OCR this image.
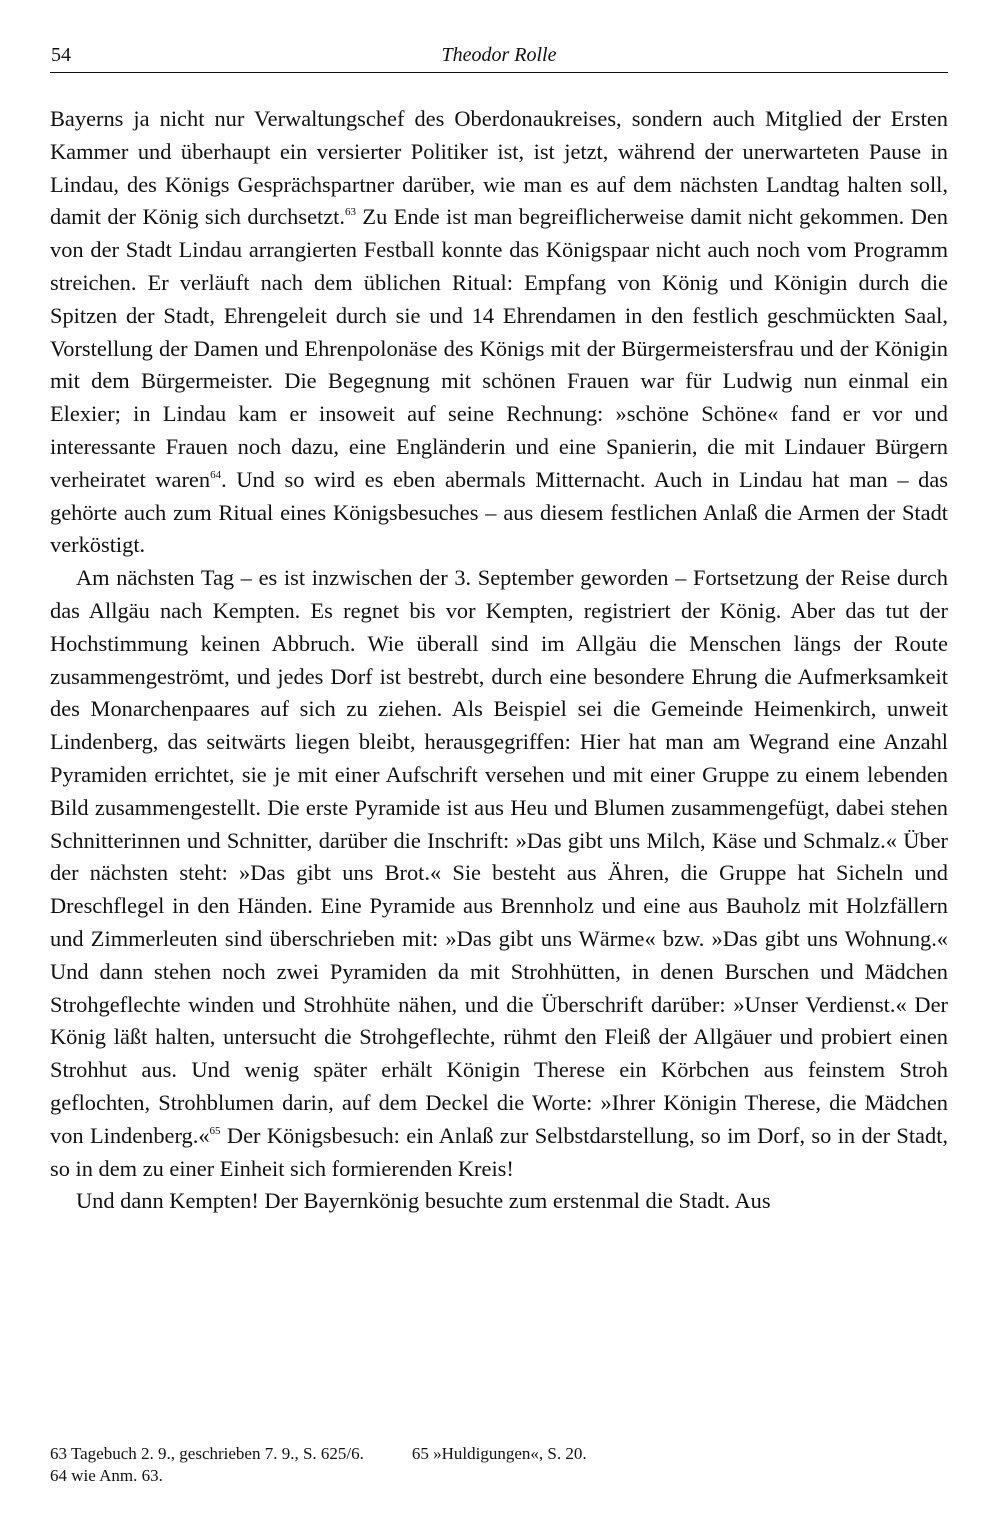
54	Theodor Rolle

Bayerns ja nicht nur Verwaltungschef des Oberdonaukreises, sondern auch Mitglied der Ersten Kammer und überhaupt ein versierter Politiker ist, ist jetzt, während der unerwarteten Pause in Lindau, des Königs Gesprächspartner darüber, wie man es auf dem nächsten Landtag halten soll, damit der König sich durchsetzt.$^{63}$ Zu Ende ist man begreiflicherweise damit nicht gekommen. Den von der Stadt Lindau arrangierten Festball konnte das Königspaar nicht auch noch vom Programm streichen. Er verläuft nach dem üblichen Ritual: Empfang von König und Königin durch die Spitzen der Stadt, Ehrengeleit durch sie und 14 Ehrendamen in den festlich geschmückten Saal, Vorstellung der Damen und Ehrenpolonäse des Königs mit der Bürgermeistersfrau und der Königin mit dem Bürgermeister. Die Begegnung mit schönen Frauen war für Ludwig nun einmal ein Elexier; in Lindau kam er insoweit auf seine Rechnung: »schöne Schöne« fand er vor und interessante Frauen noch dazu, eine Engländerin und eine Spanierin, die mit Lindauer Bürgern verheiratet waren$^{64}$. Und so wird es eben abermals Mitternacht. Auch in Lindau hat man – das gehörte auch zum Ritual eines Königsbesuches – aus diesem festlichen Anlaß die Armen der Stadt verköstigt.

Am nächsten Tag – es ist inzwischen der 3. September geworden – Fortsetzung der Reise durch das Allgäu nach Kempten. Es regnet bis vor Kempten, registriert der König. Aber das tut der Hochstimmung keinen Abbruch. Wie überall sind im Allgäu die Menschen längs der Route zusammengeströmt, und jedes Dorf ist bestrebt, durch eine besondere Ehrung die Aufmerksamkeit des Monarchenpaares auf sich zu ziehen. Als Beispiel sei die Gemeinde Heimenkirch, unweit Lindenberg, das seitwärts liegen bleibt, herausgegriffen: Hier hat man am Wegrand eine Anzahl Pyramiden errichtet, sie je mit einer Aufschrift versehen und mit einer Gruppe zu einem lebenden Bild zusammengestellt. Die erste Pyramide ist aus Heu und Blumen zusammengefügt, dabei stehen Schnitterinnen und Schnitter, darüber die Inschrift: »Das gibt uns Milch, Käse und Schmalz.« Über der nächsten steht: »Das gibt uns Brot.« Sie besteht aus Ähren, die Gruppe hat Sicheln und Dreschflegel in den Händen. Eine Pyramide aus Brennholz und eine aus Bauholz mit Holzfällern und Zimmerleuten sind überschrieben mit: »Das gibt uns Wärme« bzw. »Das gibt uns Wohnung.« Und dann stehen noch zwei Pyramiden da mit Strohhütten, in denen Burschen und Mädchen Strohgeflechte winden und Strohhüte nähen, und die Überschrift darüber: »Unser Verdienst.« Der König läßt halten, untersucht die Strohgeflechte, rühmt den Fleiß der Allgäuer und probiert einen Strohhut aus. Und wenig später erhält Königin Therese ein Körbchen aus feinstem Stroh geflochten, Strohblumen darin, auf dem Deckel die Worte: »Ihrer Königin Therese, die Mädchen von Lindenberg.«$^{65}$ Der Königsbesuch: ein Anlaß zur Selbstdarstellung, so im Dorf, so in der Stadt, so in dem zu einer Einheit sich formierenden Kreis!

Und dann Kempten! Der Bayernkönig besuchte zum erstenmal die Stadt. Aus

63 Tagebuch 2. 9., geschrieben 7. 9., S. 625/6.	65 »Huldigungen«, S. 20.
64 wie Anm. 63.
